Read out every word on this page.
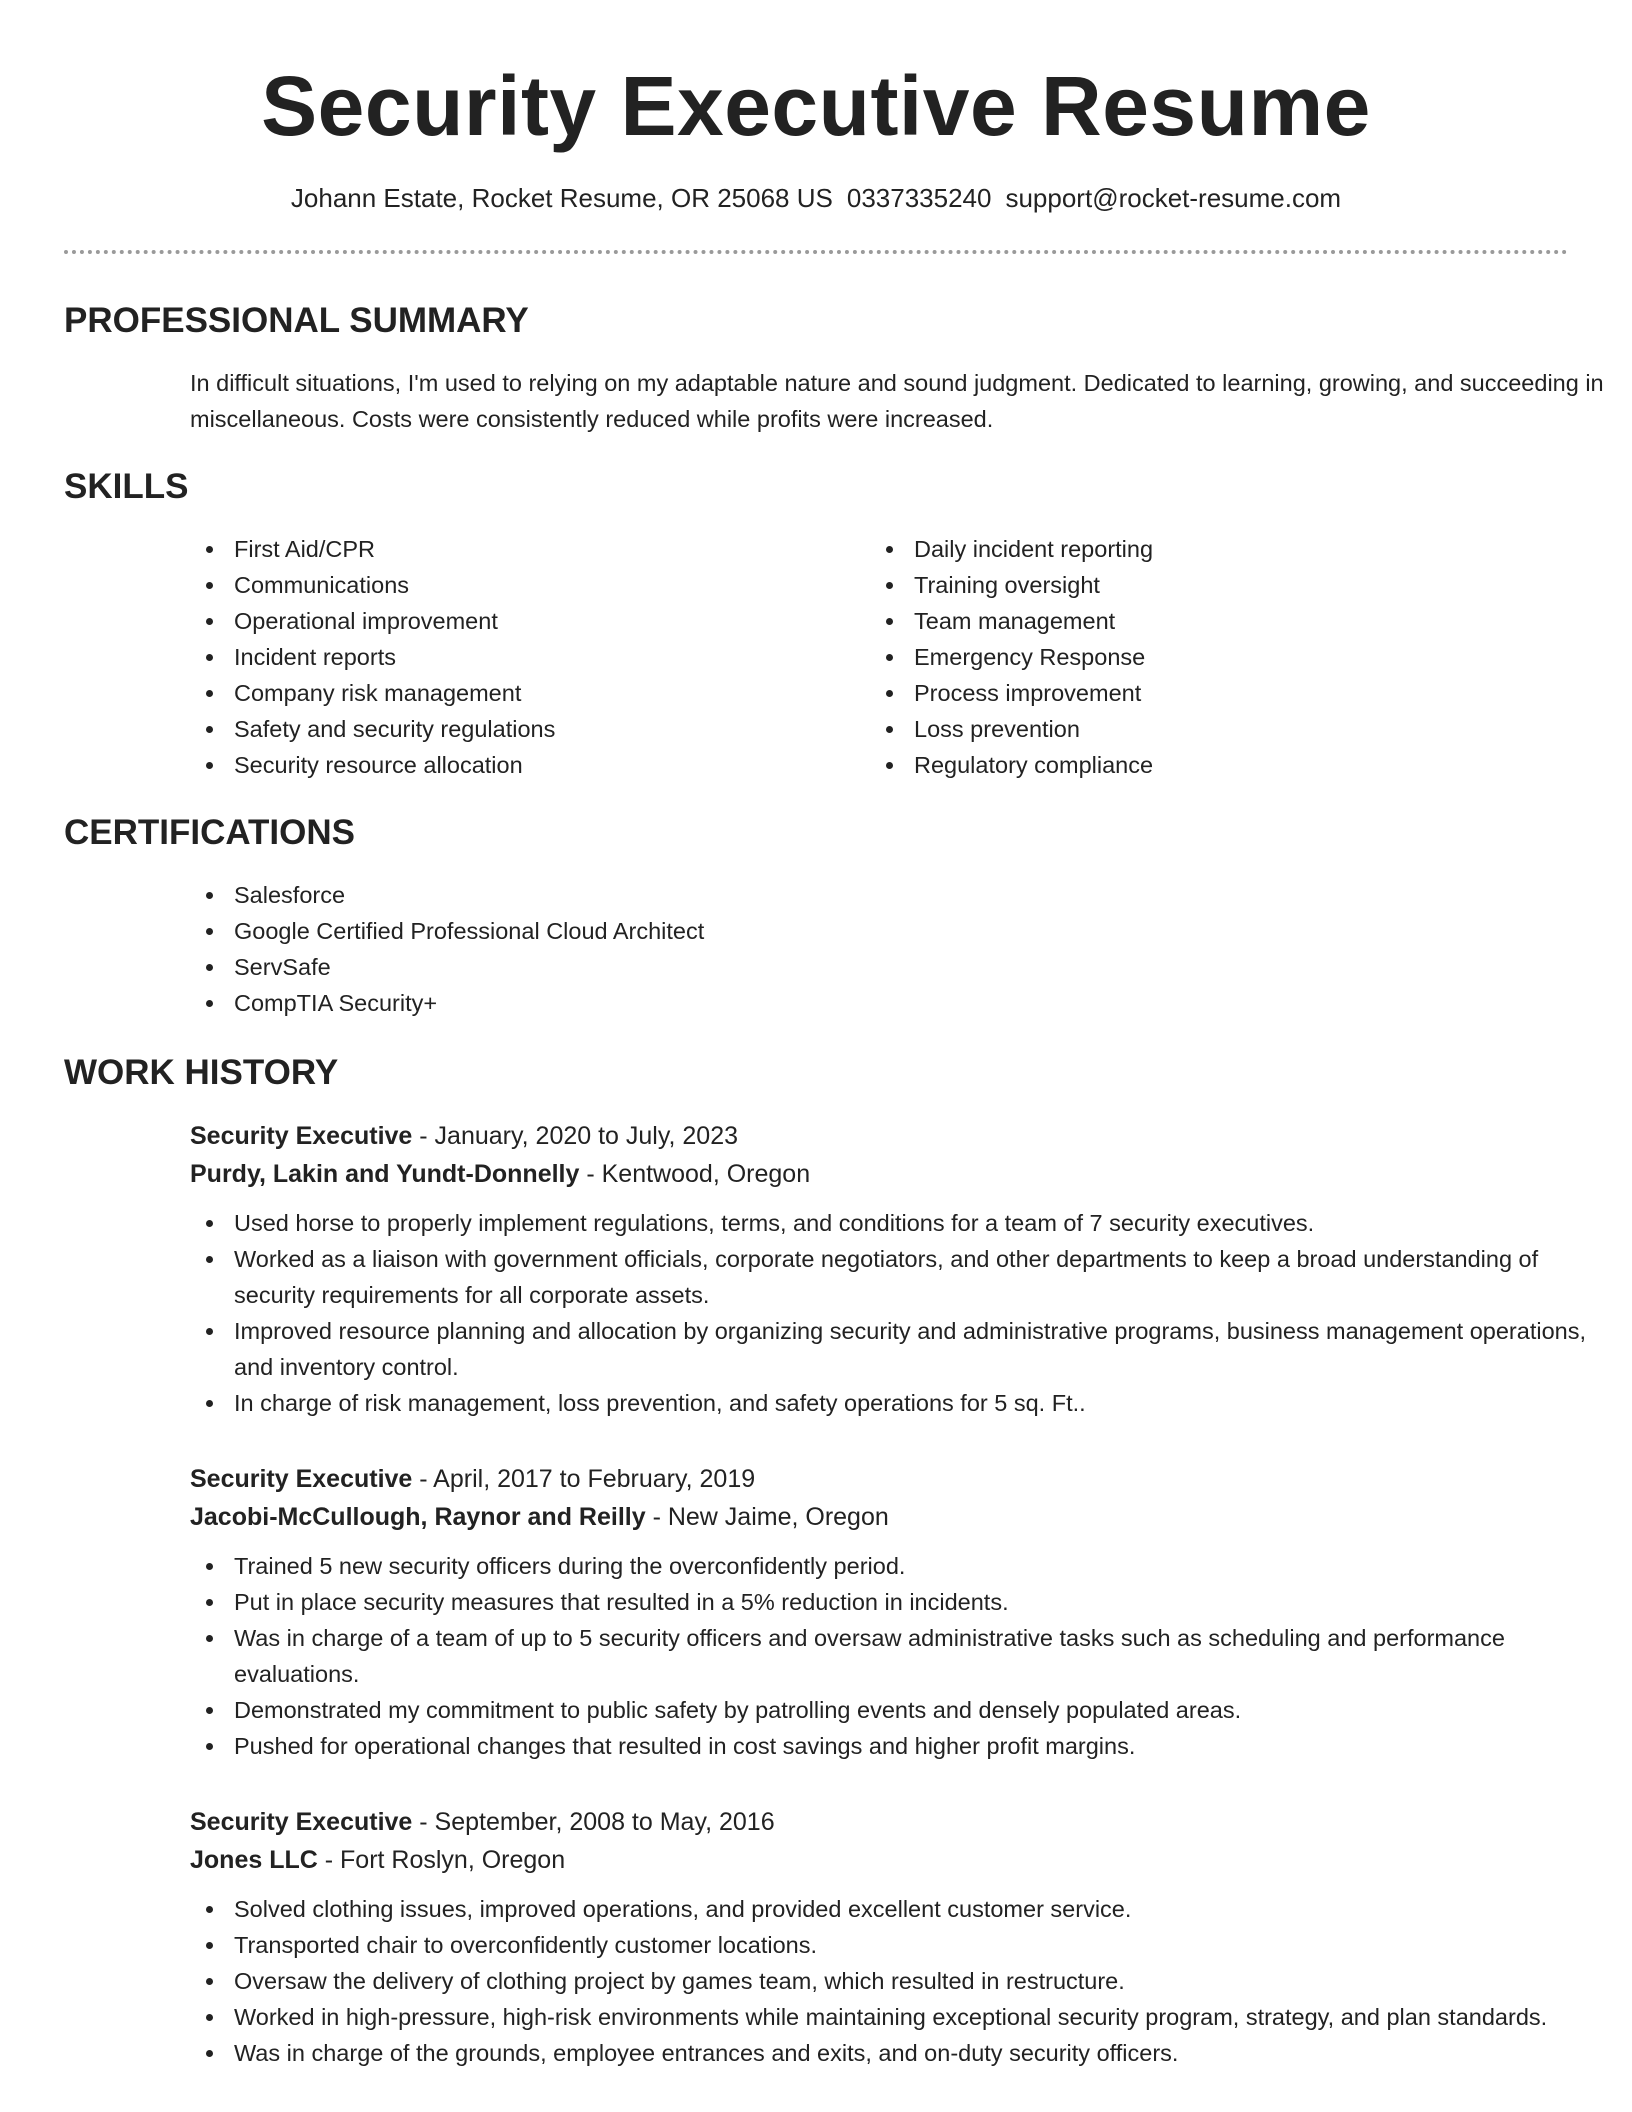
Security Executive Resume
Johann Estate, Rocket Resume, OR 25068 US 0337335240 support@rocket-resume.com
PROFESSIONAL SUMMARY

In difficult situations, I'm used to relying on my adaptable nature and sound judgment. Dedicated to learning, growing, and succeeding in miscellaneous. Costs were consistently reduced while profits were increased.

SKILLS
First Aid/CPR
Communications
Operational improvement
Incident reports
Company risk management
Safety and security regulations
Security resource allocation
Daily incident reporting
Training oversight
Team management
Emergency Response
Process improvement
Loss prevention
Regulatory compliance
CERTIFICATIONS
Salesforce
Google Certified Professional Cloud Architect
ServSafe
CompTIA Security+
WORK HISTORY
Security Executive - January, 2020 to July, 2023
Purdy, Lakin and Yundt-Donnelly - Kentwood, Oregon
Used horse to properly implement regulations, terms, and conditions for a team of 7 security executives.
Worked as a liaison with government officials, corporate negotiators, and other departments to keep a broad understanding of security requirements for all corporate assets.
Improved resource planning and allocation by organizing security and administrative programs, business management operations, and inventory control.
In charge of risk management, loss prevention, and safety operations for 5 sq. Ft..
Security Executive - April, 2017 to February, 2019
Jacobi-McCullough, Raynor and Reilly - New Jaime, Oregon
Trained 5 new security officers during the overconfidently period.
Put in place security measures that resulted in a 5% reduction in incidents.
Was in charge of a team of up to 5 security officers and oversaw administrative tasks such as scheduling and performance evaluations.
Demonstrated my commitment to public safety by patrolling events and densely populated areas.
Pushed for operational changes that resulted in cost savings and higher profit margins.
Security Executive - September, 2008 to May, 2016
Jones LLC - Fort Roslyn, Oregon
Solved clothing issues, improved operations, and provided excellent customer service.
Transported chair to overconfidently customer locations.
Oversaw the delivery of clothing project by games team, which resulted in restructure.
Worked in high-pressure, high-risk environments while maintaining exceptional security program, strategy, and plan standards.
Was in charge of the grounds, employee entrances and exits, and on-duty security officers.
